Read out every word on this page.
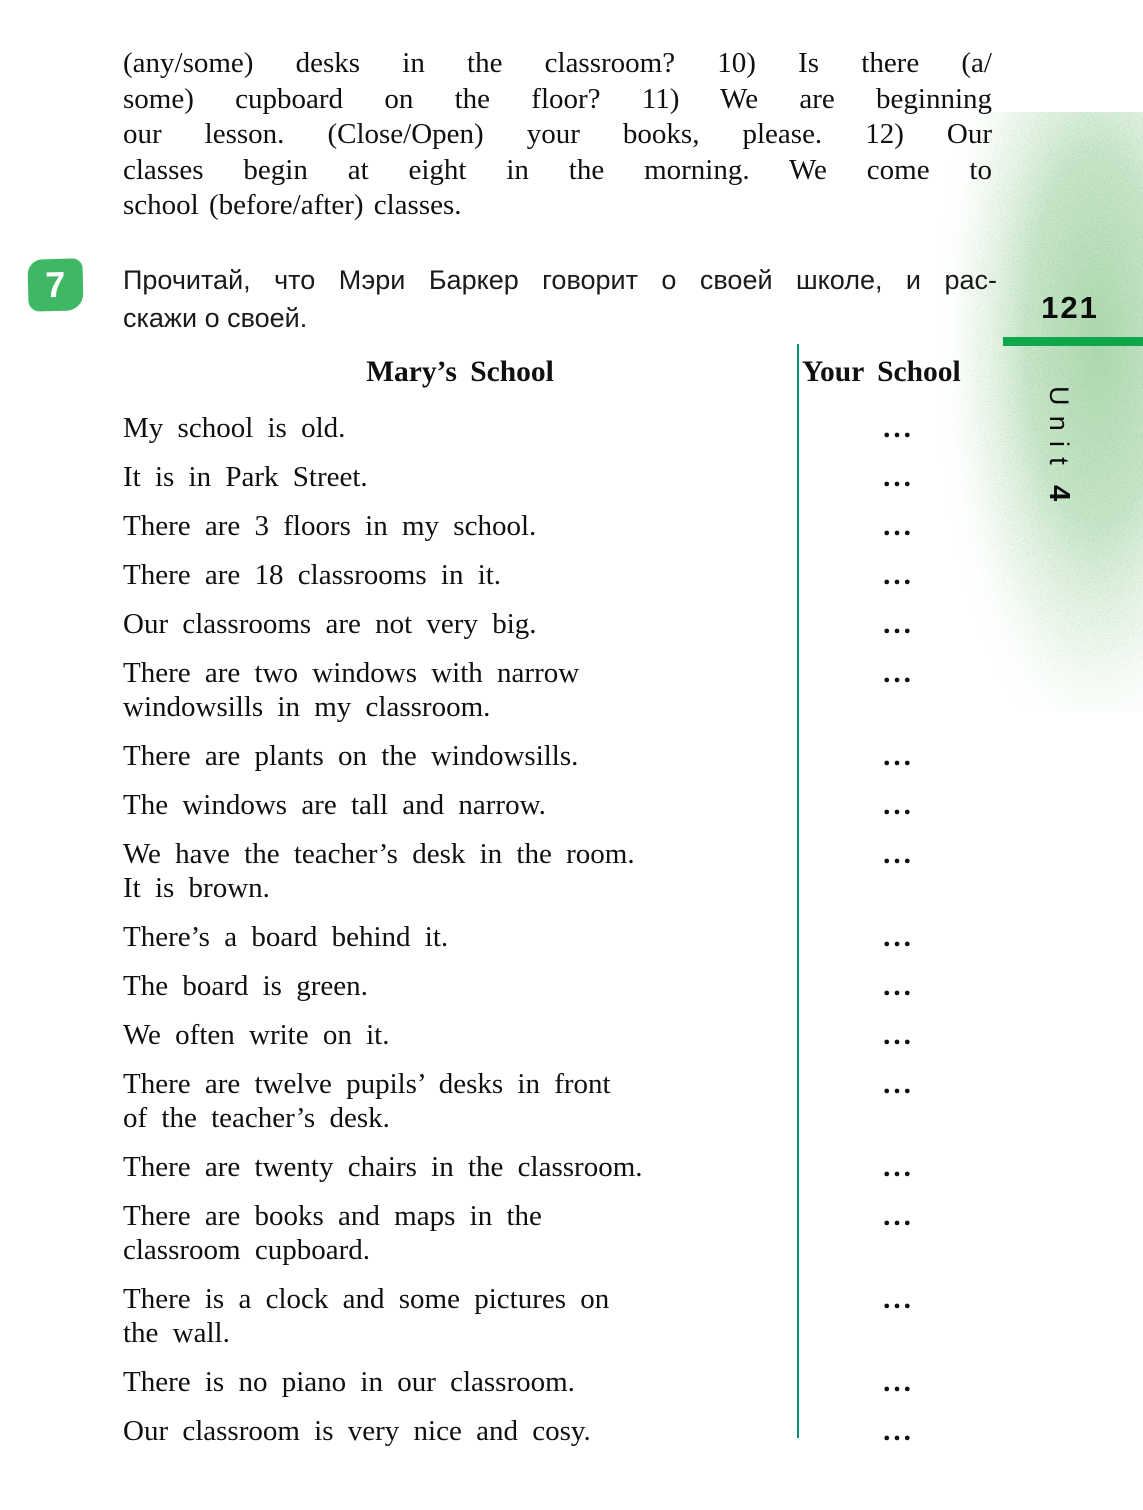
(any/some) desks in the classroom? 10) Is there (a/
some) cupboard on the floor? 11) We are beginning
our lesson. (Close/Open) your books, please. 12) Our
classes begin at eight in the morning. We come to
school (before/after) classes.
7	Прочитай, что Мэри Баркер говорит о своей школе, и рас-
скажи о своей.	121
Unit4
Mary’s School	Your School
My school is old.	...
It is in Park Street.	...
There are 3 floors in my school.	...
There are 18 classrooms in it.	...
Our classrooms are not very big.	...
There are two windows with narrow
windowsills in my classroom.
...
There are plants on the windowsills.	...
The windows are tall and narrow.	...
We have the teacher’s desk in the room.
It is brown.
...
There’s a board behind it.	...
The board is green.	...
We often write on it.	...
There are twelve pupils’ desks in front
of the teacher’s desk.
...
There are twenty chairs in the classroom.	...
There are books and maps in the
classroom cupboard.
...
There is a clock and some pictures on
the wall.
...
There is no piano in our classroom.	...
Our classroom is very nice and cosy.	...
